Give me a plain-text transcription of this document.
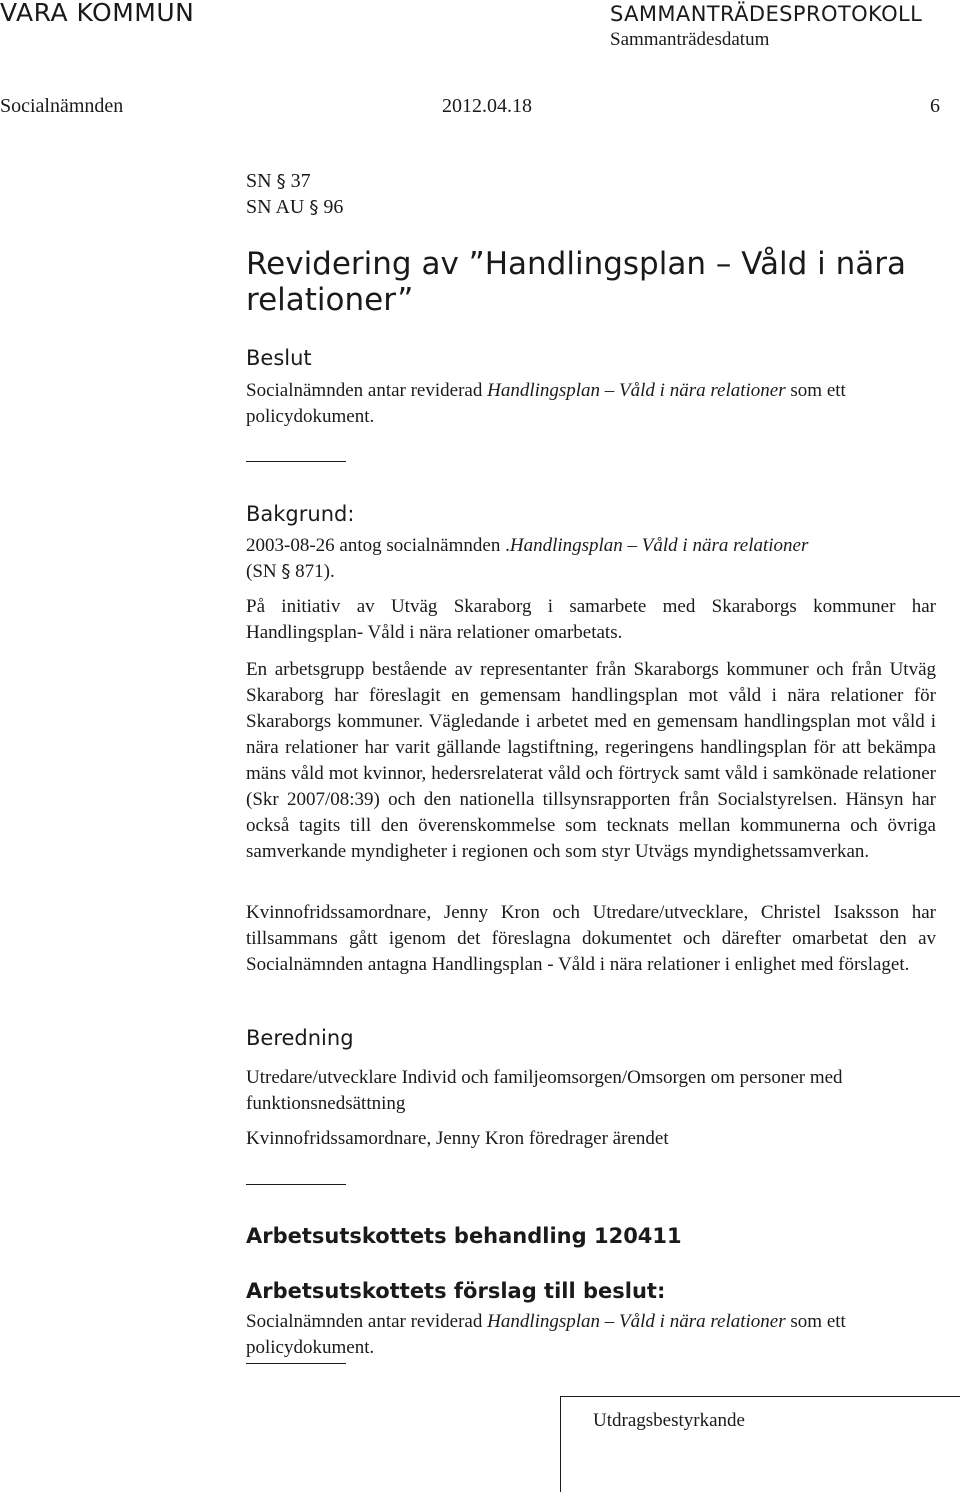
VARA KOMMUN	SAMMANTRÄDESPROTOKOLL
Sammanträdesdatum
Socialnämnden	2012.04.18	6
SN § 37
SN AU § 96
Revidering av ”Handlingsplan – Våld i nära relationer”
Beslut
Socialnämnden antar reviderad Handlingsplan – Våld i nära relationer som ett policydokument.
Bakgrund:
2003-08-26 antog socialnämnden .Handlingsplan – Våld i nära relationer
(SN § 871).
På initiativ av Utväg Skaraborg i samarbete med Skaraborgs kommuner har Handlingsplan- Våld i nära relationer omarbetats.
En arbetsgrupp bestående av representanter från Skaraborgs kommuner och från Utväg Skaraborg har föreslagit en gemensam handlingsplan mot våld i nära relationer för Skaraborgs kommuner. Vägledande i arbetet med en gemensam handlingsplan mot våld i nära relationer har varit gällande lagstiftning, regeringens handlingsplan för att bekämpa mäns våld mot kvinnor, hedersrelaterat våld och förtryck samt våld i samkönade relationer (Skr 2007/08:39) och den nationella tillsynsrapporten från Socialstyrelsen. Hänsyn har också tagits till den överenskommelse som tecknats mellan kommunerna och övriga samverkande myndigheter i regionen och som styr Utvägs myndighetssamverkan.
Kvinnofridssamordnare, Jenny Kron och Utredare/utvecklare, Christel Isaksson har tillsammans gått igenom det föreslagna dokumentet och därefter omarbetat den av Socialnämnden antagna Handlingsplan - Våld i nära relationer i enlighet med förslaget.
Beredning
Utredare/utvecklare Individ och familjeomsorgen/Omsorgen om personer med funktionsnedsättning
Kvinnofridssamordnare, Jenny Kron föredrager ärendet
Arbetsutskottets behandling 120411
Arbetsutskottets förslag till beslut:
Socialnämnden antar reviderad Handlingsplan – Våld i nära relationer som ett policydokument.
Utdragsbestyrkande
